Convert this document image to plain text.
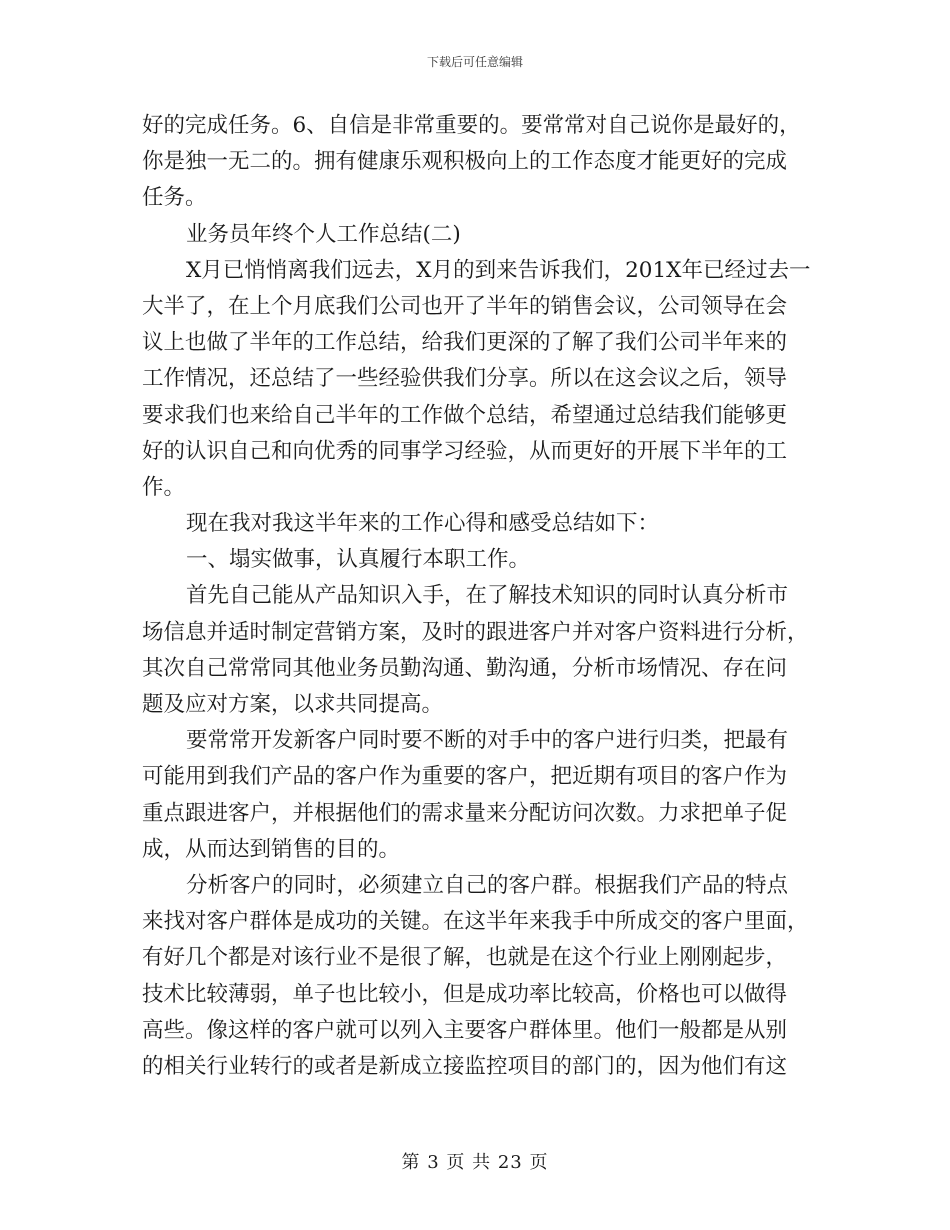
下载后可任意编辑
好的完成任务。6、自信是非常重要的。要常常对自己说你是最好的，
你是独一无二的。拥有健康乐观积极向上的工作态度才能更好的完成
任务。
业务员年终个人工作总结(二)
X月已悄悄离我们远去，X月的到来告诉我们，201X年已经过去一
大半了，在上个月底我们公司也开了半年的销售会议，公司领导在会
议上也做了半年的工作总结，给我们更深的了解了我们公司半年来的
工作情况，还总结了一些经验供我们分享。所以在这会议之后，领导
要求我们也来给自己半年的工作做个总结，希望通过总结我们能够更
好的认识自己和向优秀的同事学习经验，从而更好的开展下半年的工
作。
现在我对我这半年来的工作心得和感受总结如下：
一、塌实做事，认真履行本职工作。
首先自己能从产品知识入手，在了解技术知识的同时认真分析市
场信息并适时制定营销方案，及时的跟进客户并对客户资料进行分析，
其次自己常常同其他业务员勤沟通、勤沟通，分析市场情况、存在问
题及应对方案，以求共同提高。
要常常开发新客户同时要不断的对手中的客户进行归类，把最有
可能用到我们产品的客户作为重要的客户，把近期有项目的客户作为
重点跟进客户，并根据他们的需求量来分配访问次数。力求把单子促
成，从而达到销售的目的。
分析客户的同时，必须建立自己的客户群。根据我们产品的特点
来找对客户群体是成功的关键。在这半年来我手中所成交的客户里面，
有好几个都是对该行业不是很了解，也就是在这个行业上刚刚起步，
技术比较薄弱，单子也比较小，但是成功率比较高，价格也可以做得
高些。像这样的客户就可以列入主要客户群体里。他们一般都是从别
的相关行业转行的或者是新成立接监控项目的部门的，因为他们有这
第 3 页 共 23 页
